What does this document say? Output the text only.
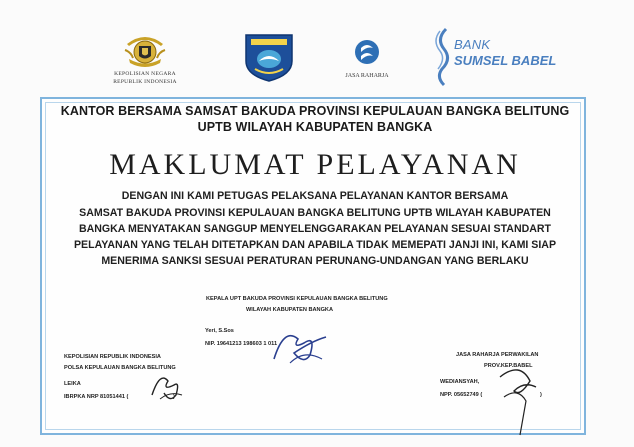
KEPOLISIAN NEGARA
REPUBLIK INDONESIA
JASA RAHARJA
BANK
SUMSEL BABEL
KANTOR BERSAMA SAMSAT BAKUDA PROVINSI KEPULAUAN BANGKA BELITUNG
UPTB WILAYAH KABUPATEN BANGKA
MAKLUMAT PELAYANAN
DENGAN INI KAMI PETUGAS PELAKSANA PELAYANAN KANTOR BERSAMA
SAMSAT BAKUDA PROVINSI KEPULAUAN BANGKA BELITUNG UPTB WILAYAH KABUPATEN
BANGKA MENYATAKAN SANGGUP MENYELENGGARAKAN PELAYANAN SESUAI STANDART
PELAYANAN YANG TELAH DITETAPKAN DAN APABILA TIDAK MEMEPATI JANJI INI, KAMI SIAP
MENERIMA SANKSI SESUAI PERATURAN PERUNANG-UNDANGAN YANG BERLAKU
KEPALA UPT BAKUDA PROVINSI KEPULAUAN BANGKA BELITUNG
WILAYAH KABUPATEN BANGKA
Yeri, S.Sos
NIP. 19641213 198603 1 011
KEPOLISIAN REPUBLIK INDONESIA
POLSA KEPULAUAN BANGKA BELITUNG
LEIKA
IBRPKA NRP 81051441 (	)
JASA RAHARJA PERWAKILAN
PROV.KEP.BABEL
WEDIANSYAH,
NPP. 05652749 (	)
